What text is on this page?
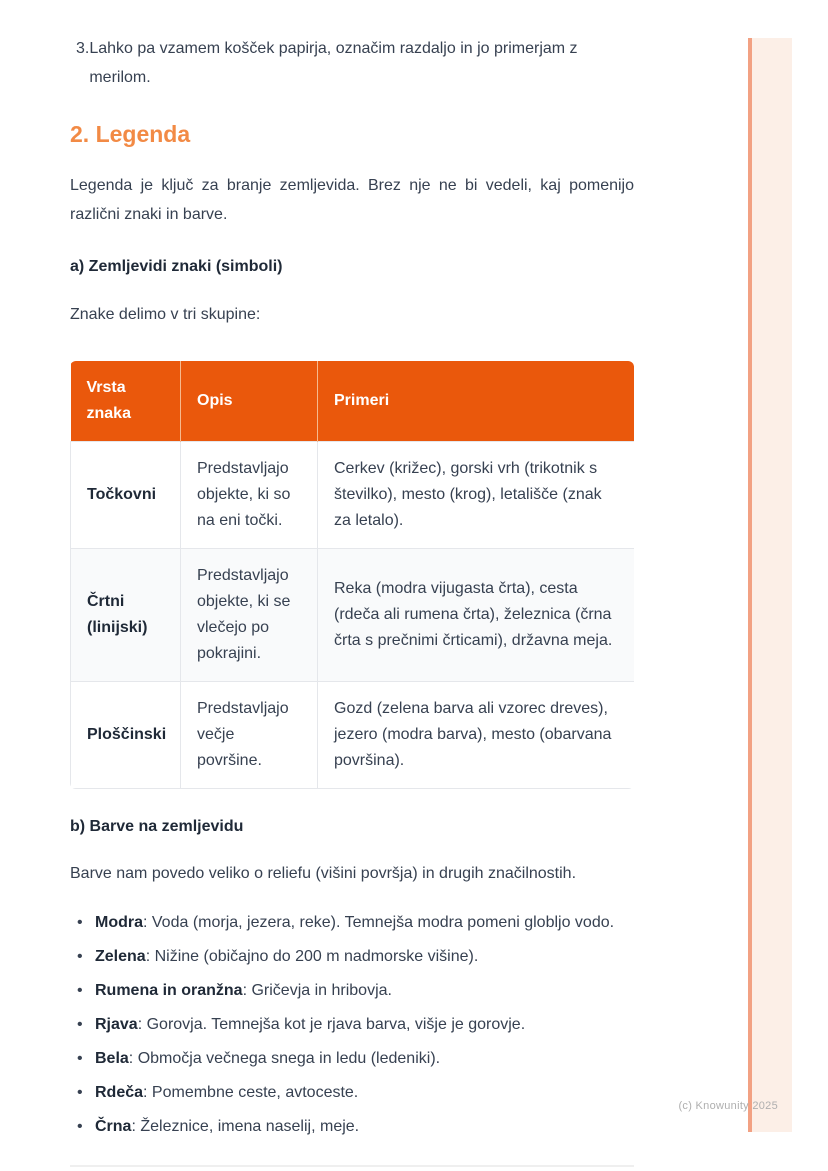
3. Lahko pa vzamem košček papirja, označim razdaljo in jo primerjam z merilom.
2. Legenda

Legenda je ključ za branje zemljevida. Brez nje ne bi vedeli, kaj pomenijo različni znaki in barve.

a) Zemljevidi znaki (simboli)

Znake delimo v tri skupine:

Vrsta znaka	Opis	Primeri
Točkovni	Predstavljajo objekte, ki so na eni točki.	Cerkev (križec), gorski vrh (trikotnik s številko), mesto (krog), letališče (znak za letalo).
Črtni (linijski)	Predstavljajo objekte, ki se vlečejo po pokrajini.	Reka (modra vijugasta črta), cesta (rdeča ali rumena črta), železnica (črna črta s prečnimi črticami), državna meja.
Ploščinski	Predstavljajo večje površine.	Gozd (zelena barva ali vzorec dreves), jezero (modra barva), mesto (obarvana površina).
b) Barve na zemljevidu

Barve nam povedo veliko o reliefu (višini površja) in drugih značilnostih.

• Modra: Voda (morja, jezera, reke). Temnejša modra pomeni globljo vodo.
• Zelena: Nižine (običajno do 200 m nadmorske višine).
• Rumena in oranžna: Gričevja in hribovja.
• Rjava: Gorovja. Temnejša kot je rjava barva, višje je gorovje.
• Bela: Območja večnega snega in ledu (ledeniki).
• Rdeča: Pomembne ceste, avtoceste.
• Črna: Železnice, imena naselij, meje.
(c) Knowunity 2025
